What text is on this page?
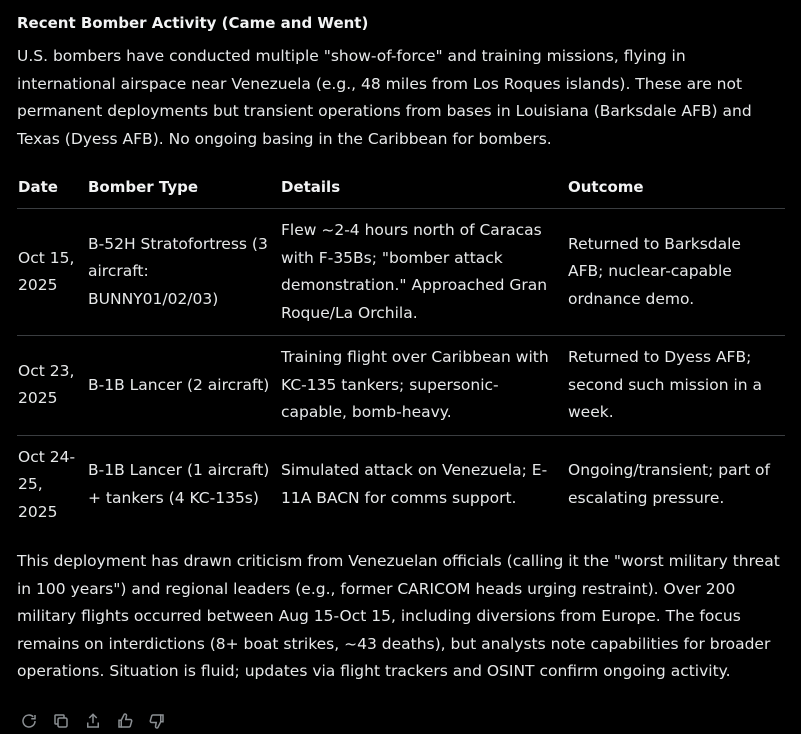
Recent Bomber Activity (Came and Went)

U.S. bombers have conducted multiple "show-of-force" and training missions, flying in international airspace near Venezuela (e.g., 48 miles from Los Roques islands). These are not permanent deployments but transient operations from bases in Louisiana (Barksdale AFB) and Texas (Dyess AFB). No ongoing basing in the Caribbean for bombers.

Date	Bomber Type	Details	Outcome
Oct 15, 2025	B-52H Stratofortress (3 aircraft: BUNNY01/02/03)	Flew ~2-4 hours north of Caracas with F-35Bs; "bomber attack demonstration." Approached Gran Roque/La Orchila.	Returned to Barksdale AFB; nuclear-capable ordnance demo.
Oct 23, 2025	B-1B Lancer (2 aircraft)	Training flight over Caribbean with KC-135 tankers; supersonic-capable, bomb-heavy.	Returned to Dyess AFB; second such mission in a week.
Oct 24-25, 2025	B-1B Lancer (1 aircraft) + tankers (4 KC-135s)	Simulated attack on Venezuela; E-11A BACN for comms support.	Ongoing/transient; part of escalating pressure.

This deployment has drawn criticism from Venezuelan officials (calling it the "worst military threat in 100 years") and regional leaders (e.g., former CARICOM heads urging restraint). Over 200 military flights occurred between Aug 15-Oct 15, including diversions from Europe. The focus remains on interdictions (8+ boat strikes, ~43 deaths), but analysts note capabilities for broader operations. Situation is fluid; updates via flight trackers and OSINT confirm ongoing activity.
